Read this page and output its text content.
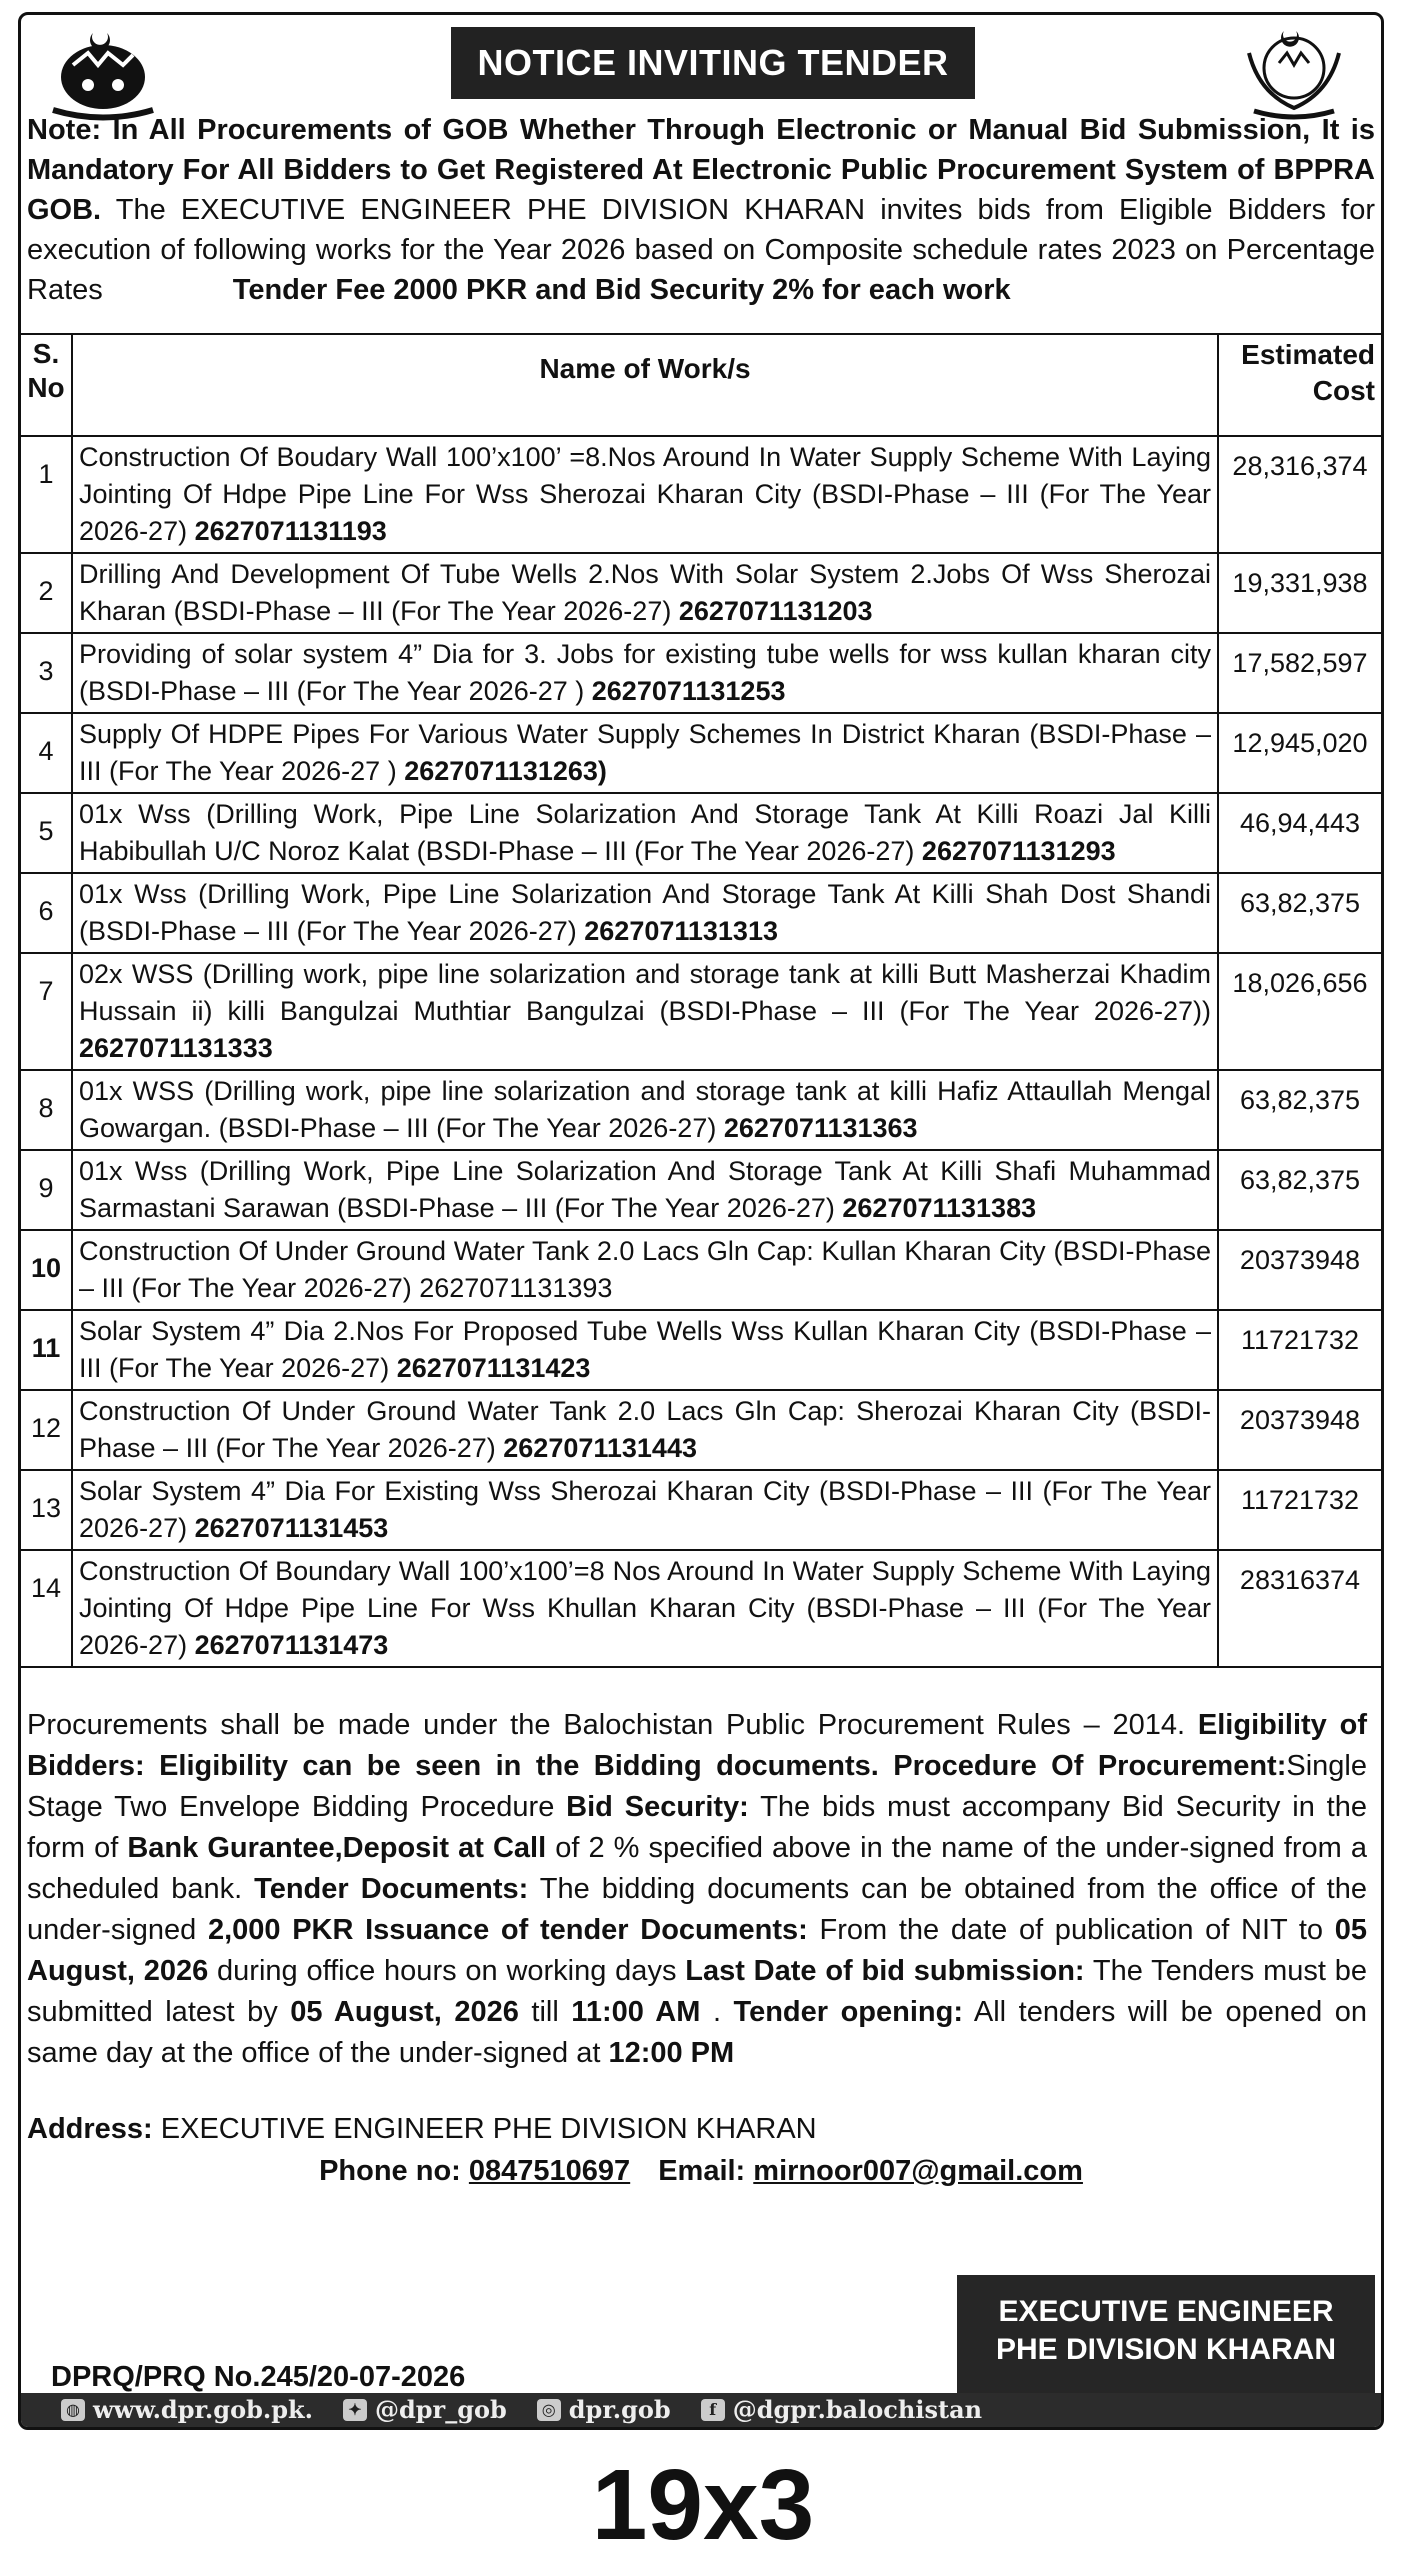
NOTICE INVITING TENDER
Note: In All Procurements of GOB Whether Through Electronic or Manual Bid Submission, It is Mandatory For All Bidders to Get Registered At Electronic Public Procurement System of BPPRA GOB. The EXECUTIVE ENGINEER PHE DIVISION KHARAN invites bids from Eligible Bidders for execution of following works for the Year 2026 based on Composite schedule rates 2023 on Percentage Rates	Tender Fee 2000 PKR and Bid Security 2% for each work
S. No	Name of Work/s	Estimated Cost
1	Construction Of Boudary Wall 100’x100’ =8.Nos Around In Water Supply Scheme With Laying Jointing Of Hdpe Pipe Line For Wss Sherozai Kharan City (BSDI-Phase – III (For The Year 2026-27) 2627071131193	28,316,374
2	Drilling And Development Of Tube Wells 2.Nos With Solar System 2.Jobs Of Wss Sherozai Kharan (BSDI-Phase – III (For The Year 2026-27) 2627071131203	19,331,938
3	Providing of solar system 4” Dia for 3. Jobs for existing tube wells for wss kullan kharan city (BSDI-Phase – III (For The Year 2026-27 ) 2627071131253	17,582,597
4	Supply Of HDPE Pipes For Various Water Supply Schemes In District Kharan (BSDI-Phase – III (For The Year 2026-27 ) 2627071131263)	12,945,020
5	01x Wss (Drilling Work, Pipe Line Solarization And Storage Tank At Killi Roazi Jal Killi Habibullah U/C Noroz Kalat (BSDI-Phase – III (For The Year 2026-27) 2627071131293	46,94,443
6	01x Wss (Drilling Work, Pipe Line Solarization And Storage Tank At Killi Shah Dost Shandi (BSDI-Phase – III (For The Year 2026-27) 2627071131313	63,82,375
7	02x WSS (Drilling work, pipe line solarization and storage tank at killi Butt Masherzai Khadim Hussain ii) killi Bangulzai Muthtiar Bangulzai (BSDI-Phase – III (For The Year 2026-27)) 2627071131333	18,026,656
8	01x WSS (Drilling work, pipe line solarization and storage tank at killi Hafiz Attaullah Mengal Gowargan. (BSDI-Phase – III (For The Year 2026-27) 2627071131363	63,82,375
9	01x Wss (Drilling Work, Pipe Line Solarization And Storage Tank At Killi Shafi Muhammad Sarmastani Sarawan (BSDI-Phase – III (For The Year 2026-27) 2627071131383	63,82,375
10	Construction Of Under Ground Water Tank 2.0 Lacs Gln Cap: Kullan Kharan City (BSDI-Phase – III (For The Year 2026-27) 2627071131393	20373948
11	Solar System 4” Dia 2.Nos For Proposed Tube Wells Wss Kullan Kharan City (BSDI-Phase – III (For The Year 2026-27) 2627071131423	11721732
12	Construction Of Under Ground Water Tank 2.0 Lacs Gln Cap: Sherozai Kharan City (BSDI-Phase – III (For The Year 2026-27) 2627071131443	20373948
13	Solar System 4” Dia For Existing Wss Sherozai Kharan City (BSDI-Phase – III (For The Year 2026-27) 2627071131453	11721732
14	Construction Of Boundary Wall 100’x100’=8 Nos Around In Water Supply Scheme With Laying Jointing Of Hdpe Pipe Line For Wss Khullan Kharan City (BSDI-Phase – III (For The Year 2026-27) 2627071131473	28316374
Procurements shall be made under the Balochistan Public Procurement Rules – 2014. Eligibility of Bidders: Eligibility can be seen in the Bidding documents. Procedure Of Procurement:Single Stage Two Envelope Bidding Procedure Bid Security: The bids must accompany Bid Security in the form of Bank Gurantee,Deposit at Call of 2 % specified above in the name of the under-signed from a scheduled bank. Tender Documents: The bidding documents can be obtained from the office of the under-signed 2,000 PKR Issuance of tender Documents: From the date of publication of NIT to 05 August, 2026 during office hours on working days Last Date of bid submission: The Tenders must be submitted latest by 05 August, 2026 till 11:00 AM . Tender opening: All tenders will be opened on same day at the office of the under-signed at 12:00 PM
Address: EXECUTIVE ENGINEER PHE DIVISION KHARAN
Phone no: 0847510697 Email: mirnoor007@gmail.com
EXECUTIVE ENGINEER
PHE DIVISION KHARAN
DPRQ/PRQ No.245/20-07-2026
◍ www.dpr.gob.pk.	✦ @dpr_gob	◎ dpr.gob	f @dgpr.balochistan
19x3
